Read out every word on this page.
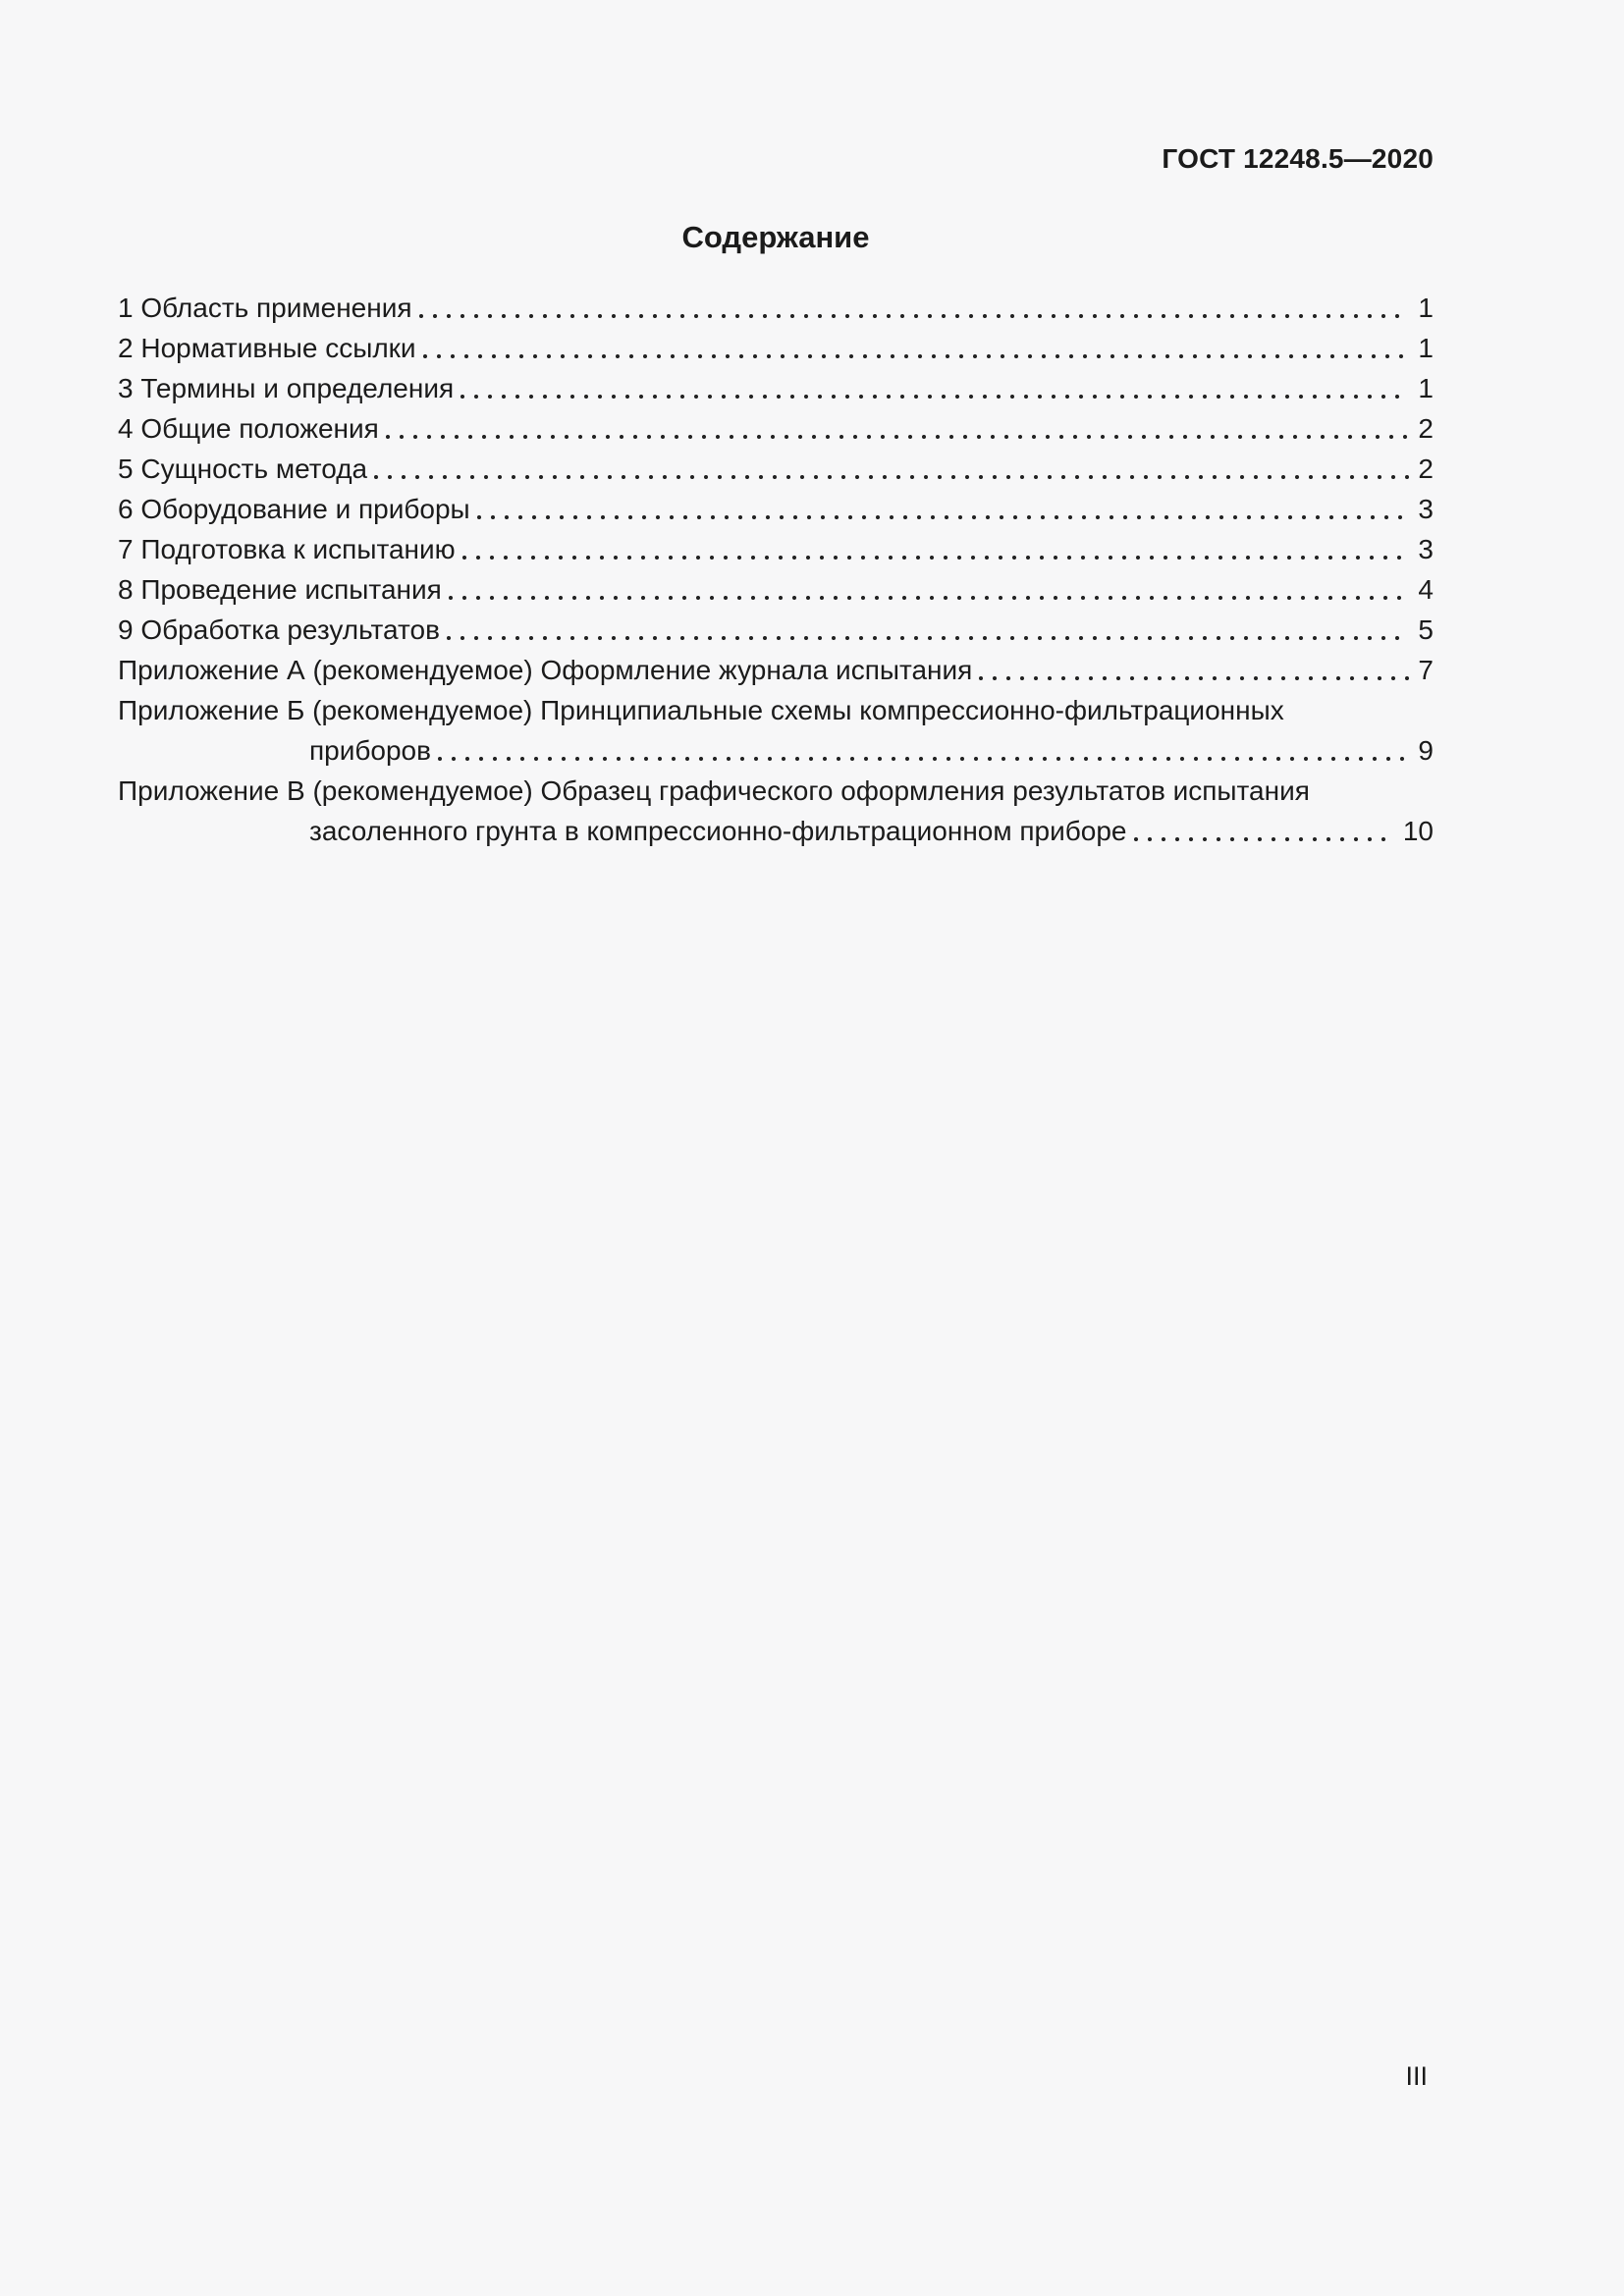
ГОСТ 12248.5—2020
Содержание
1 Область применения	1
2 Нормативные ссылки	1
3 Термины и определения	1
4 Общие положения	2
5 Сущность метода	2
6 Оборудование и приборы	3
7 Подготовка к испытанию	3
8 Проведение испытания	4
9 Обработка результатов	5
Приложение А (рекомендуемое) Оформление журнала испытания	7
Приложение Б (рекомендуемое) Принципиальные схемы компрессионно-фильтрационных
приборов	9
Приложение В (рекомендуемое) Образец графического оформления результатов испытания
засоленного грунта в компрессионно-фильтрационном приборе	10
III
